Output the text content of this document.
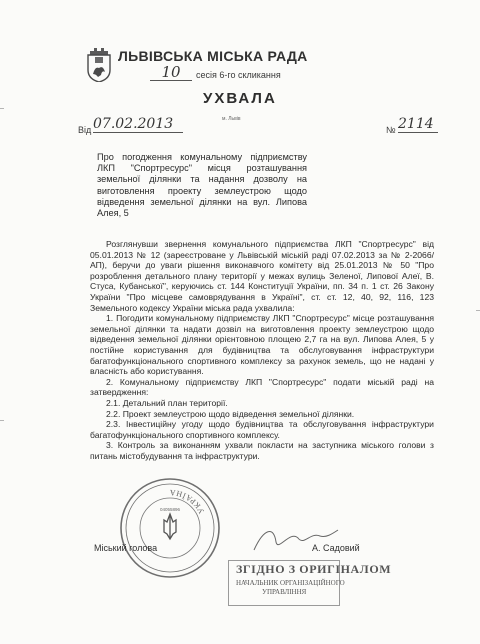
ЛЬВІВСЬКА МІСЬКА РАДА
10	сесія 6-го скликання
УХВАЛА
м. Львів
Від 07.02.2013	№ 2114
Про погодження комунальному підприємству ЛКП "Спортресурс" місця розташування земельної ділянки та надання дозволу на виготовлення проекту землеустрою щодо відведення земельної ділянки на вул. Липова Алея, 5

Розглянувши звернення комунального підприємства ЛКП "Спортресурс" від 05.01.2013 № 12 (зареєстроване у Львівській міській раді 07.02.2013 за № 2-2066/АП), беручи до уваги рішення виконавчого комітету від 25.01.2013 № 50 "Про розроблення детального плану території у межах вулиць Зеленої, Липової Алеї, В. Стуса, Кубанської", керуючись ст. 144 Конституції України, пп. 34 п. 1 ст. 26 Закону України "Про місцеве самоврядування в Україні", ст. ст. 12, 40, 92, 116, 123 Земельного кодексу України міська рада ухвалила:

1. Погодити комунальному підприємству ЛКП "Спортресурс" місце розташування земельної ділянки та надати дозвіл на виготовлення проекту землеустрою щодо відведення земельної ділянки орієнтовною площею 2,7 га на вул. Липова Алея, 5 у постійне користування для будівництва та обслуговування інфраструктури багатофункціонального спортивного комплексу за рахунок земель, що не надані у власність або користування.

2. Комунальному підприємству ЛКП "Спортресурс" подати міській раді на затвердження:

2.1. Детальний план території.

2.2. Проект землеустрою щодо відведення земельної ділянки.

2.3. Інвестиційну угоду щодо будівництва та обслуговування інфраструктури багатофункціонального спортивного комплексу.

3. Контроль за виконанням ухвали покласти на заступника міського голови з питань містобудування та інфраструктури.

УКРАЇНА
04055896
Міський голова	А. Садовий
ЗГІДНО З ОРИГІНАЛОМ
НАЧАЛЬНИК ОРГАНІЗАЦІЙНОГО
УПРАВЛІННЯ
